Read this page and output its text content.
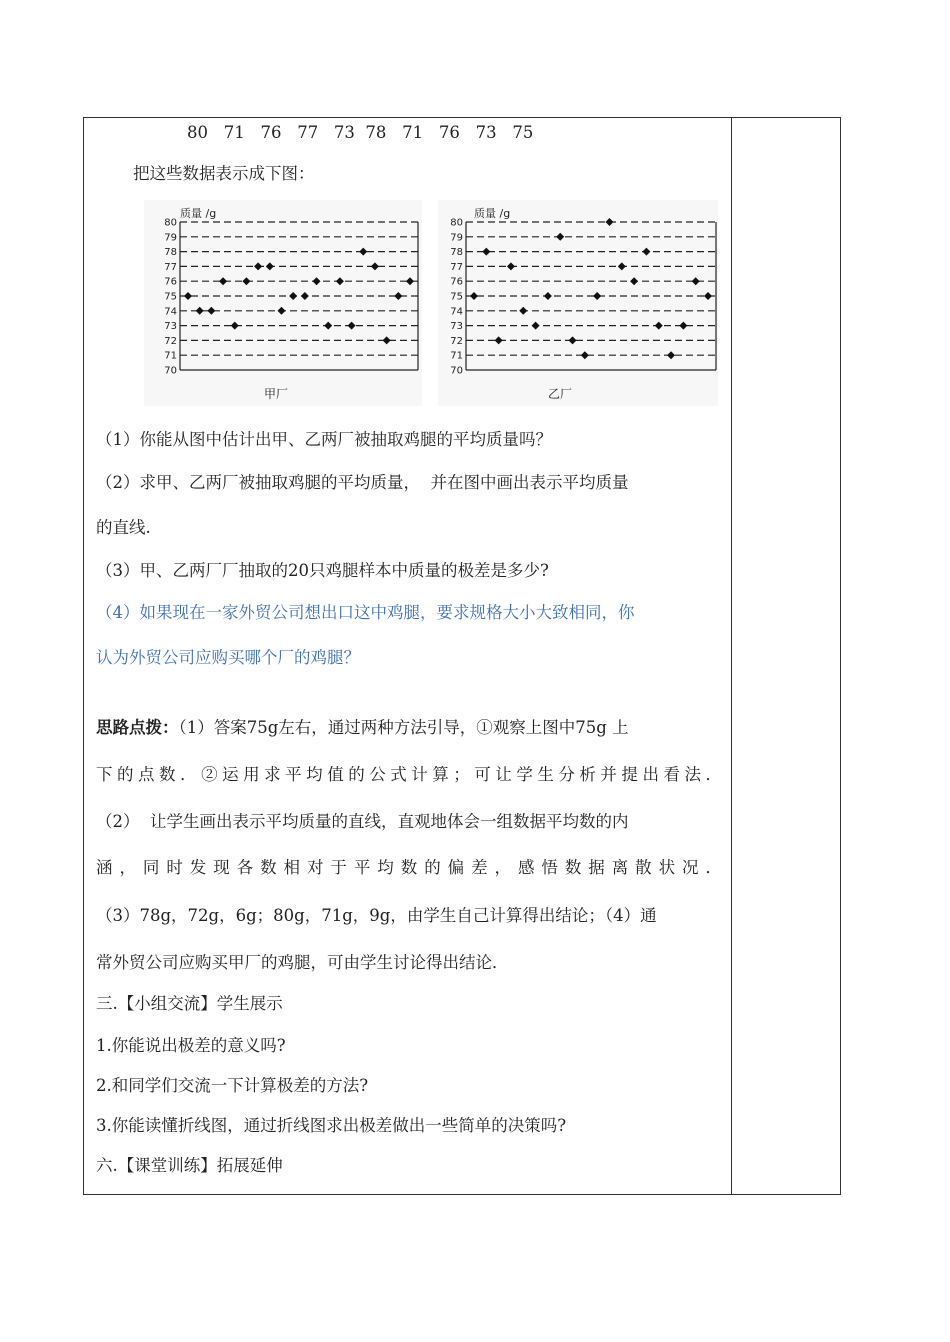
80   71   76   77   73  78   71   76   73   75
把这些数据表示成下图：
质量 /g
甲厂
70
71
72
73
74
75
76
77
78
79
80
质量 /g
乙厂
70
71
72
73
74
75
76
77
78
79
80
（1）你能从图中估计出甲、乙两厂被抽取鸡腿的平均质量吗？
（2）求甲、乙两厂被抽取鸡腿的平均质量，  并在图中画出表示平均质量
的直线.
（3）甲、乙两厂厂抽取的20只鸡腿样本中质量的极差是多少?
（4）如果现在一家外贸公司想出口这中鸡腿，要求规格大小大致相同，你
认为外贸公司应购买哪个厂的鸡腿？
思路点拨：（1）答案75g左右，通过两种方法引导，①观察上图中75g 上
下的点数．②运用求平均值的公式计算；可让学生分析并提出看法．
（2）  让学生画出表示平均质量的直线，直观地体会一组数据平均数的内
涵，同时发现各数相对于平均数的偏差，感悟数据离散状况．
（3）78g，72g，6g；80g，71g，9g，由学生自己计算得出结论；（4）通
常外贸公司应购买甲厂的鸡腿，可由学生讨论得出结论．
三.【小组交流】学生展示
1.你能说出极差的意义吗?
2.和同学们交流一下计算极差的方法?
3.你能读懂折线图，通过折线图求出极差做出一些简单的决策吗?
六.【课堂训练】拓展延伸
